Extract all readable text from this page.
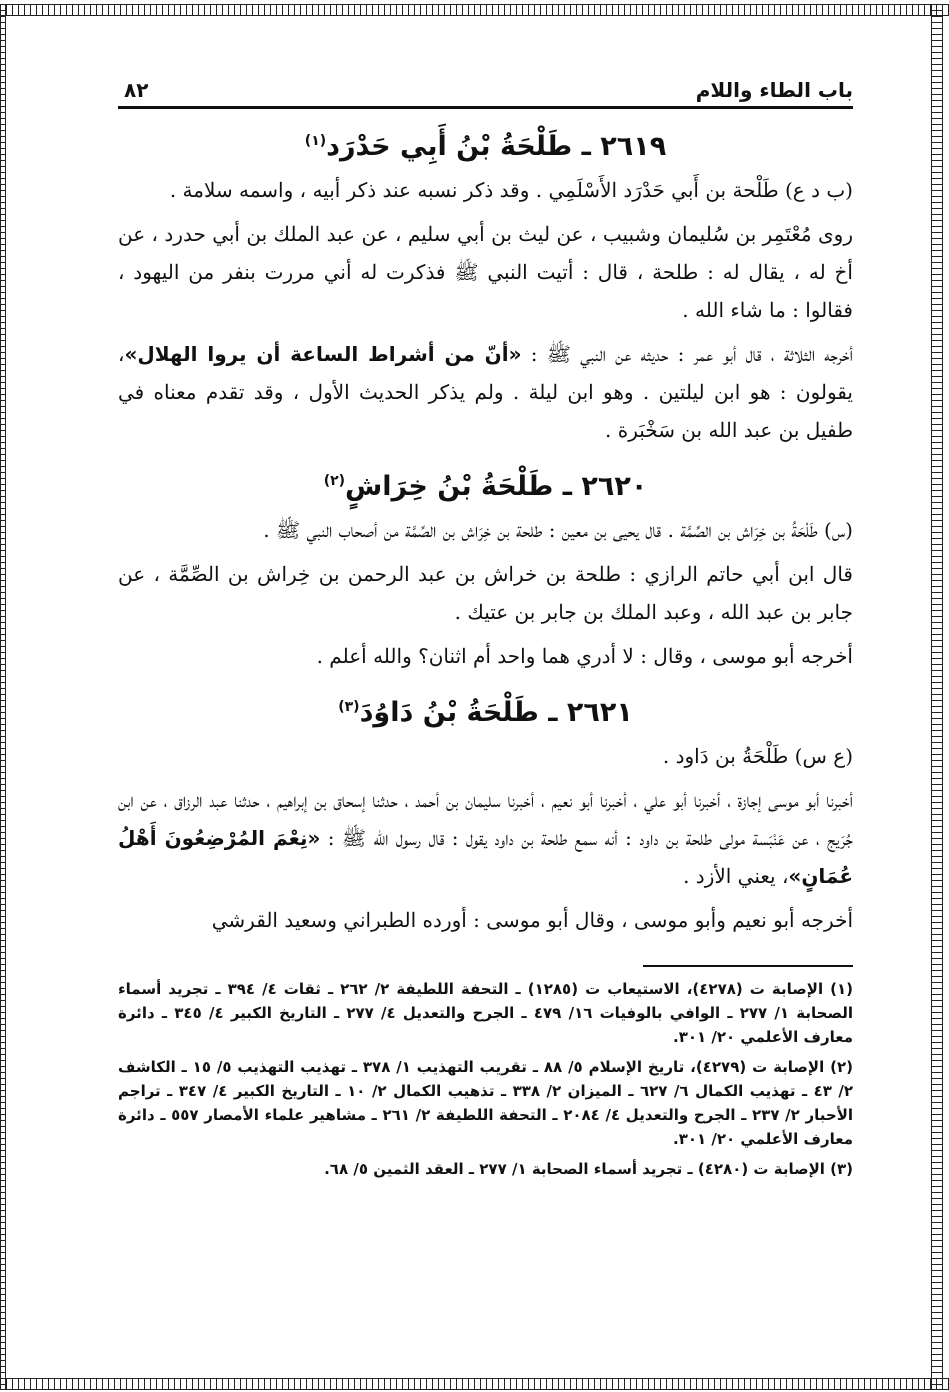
باب الطاء واللام
٨٢
٢٦١٩ ـ طَلْحَةُ بْنُ أَبِي حَدْرَد$^{(١)}$

(ب د ع) طَلْحة بن أَبي حَدْرَد الأَسْلَمِي . وقد ذكر نسبه عند ذكر أبيه ، واسمه سلامة .

روى مُعْتَمِر بن سُليمان وشبيب ، عن ليث بن أبي سليم ، عن عبد الملك بن أبي حدرد ، عن أخ له ، يقال له : طلحة ، قال : أتيت النبي ﷺ فذكرت له أني مررت بنفر من اليهود ، فقالوا : ما شاء الله .

أخرجه الثلاثة ، قال أبو عمر : حديثه عن النبي ﷺ : «أنّ من أشراط الساعة أن يروا الهلال»، يقولون : هو ابن ليلتين . وهو ابن ليلة . ولم يذكر الحديث الأول ، وقد تقدم معناه في طفيل بن عبد الله بن سَخْبَرة .

٢٦٢٠ ـ طَلْحَةُ بْنُ خِرَاشٍ$^{(٢)}$

(س) طَلْحَةُ بن خِرَاش بن الصِّمَّة . قال يحيى بن معين : طلحة بن خِرَاش بن الصِّمَّة من أصحاب النبي ﷺ .

قال ابن أبي حاتم الرازي : طلحة بن خراش بن عبد الرحمن بن خِراش بن الصِّمَّة ، عن جابر بن عبد الله ، وعبد الملك بن جابر بن عتيك .

أخرجه أبو موسى ، وقال : لا أدري هما واحد أم اثنان؟ والله أعلم .

٢٦٢١ ـ طَلْحَةُ بْنُ دَاوُدَ$^{(٣)}$

(ع س) طَلْحَةُ بن دَاود .

أخبرنا أبو موسى إجازة ، أخبرنا أبو علي ، أخبرنا أبو نعيم ، أخبرنا سليمان بن أحمد ، حدثنا إسحاق بن إبراهيم ، حدثنا عبد الرزاق ، عن ابن جُرَيج ، عن عَنْبَسة مولى طلحة بن داود : أنه سمع طلحة بن داود يقول : قال رسول الله ﷺ : «نِعْمَ المُرْضِعُونَ أَهْلُ عُمَانٍ»، يعني الأزد .

أخرجه أبو نعيم وأبو موسى ، وقال أبو موسى : أورده الطبراني وسعيد القرشي

(١) الإصابة ت (٤٢٧٨)، الاستيعاب ت (١٢٨٥) ـ التحفة اللطيفة ٢/ ٢٦٢ ـ ثقات ٤/ ٣٩٤ ـ تجريد أسماء الصحابة ١/ ٢٧٧ ـ الوافي بالوفيات ١٦/ ٤٧٩ ـ الجرح والتعديل ٤/ ٢٧٧ ـ التاريخ الكبير ٤/ ٣٤٥ ـ دائرة معارف الأعلمي ٢٠/ ٣٠١.

(٢) الإصابة ت (٤٢٧٩)، تاريخ الإسلام ٥/ ٨٨ ـ تقريب التهذيب ١/ ٣٧٨ ـ تهذيب التهذيب ٥/ ١٥ ـ الكاشف ٢/ ٤٣ ـ تهذيب الكمال ٦/ ٦٢٧ ـ الميزان ٢/ ٣٣٨ ـ تذهيب الكمال ٢/ ١٠ ـ التاريخ الكبير ٤/ ٣٤٧ ـ تراجم الأحبار ٢/ ٢٣٧ ـ الجرح والتعديل ٤/ ٢٠٨٤ ـ التحفة اللطيفة ٢/ ٢٦١ ـ مشاهير علماء الأمصار ٥٥٧ ـ دائرة معارف الأعلمي ٢٠/ ٣٠١.

(٣) الإصابة ت (٤٢٨٠) ـ تجريد أسماء الصحابة ١/ ٢٧٧ ـ العقد الثمين ٥/ ٦٨.
